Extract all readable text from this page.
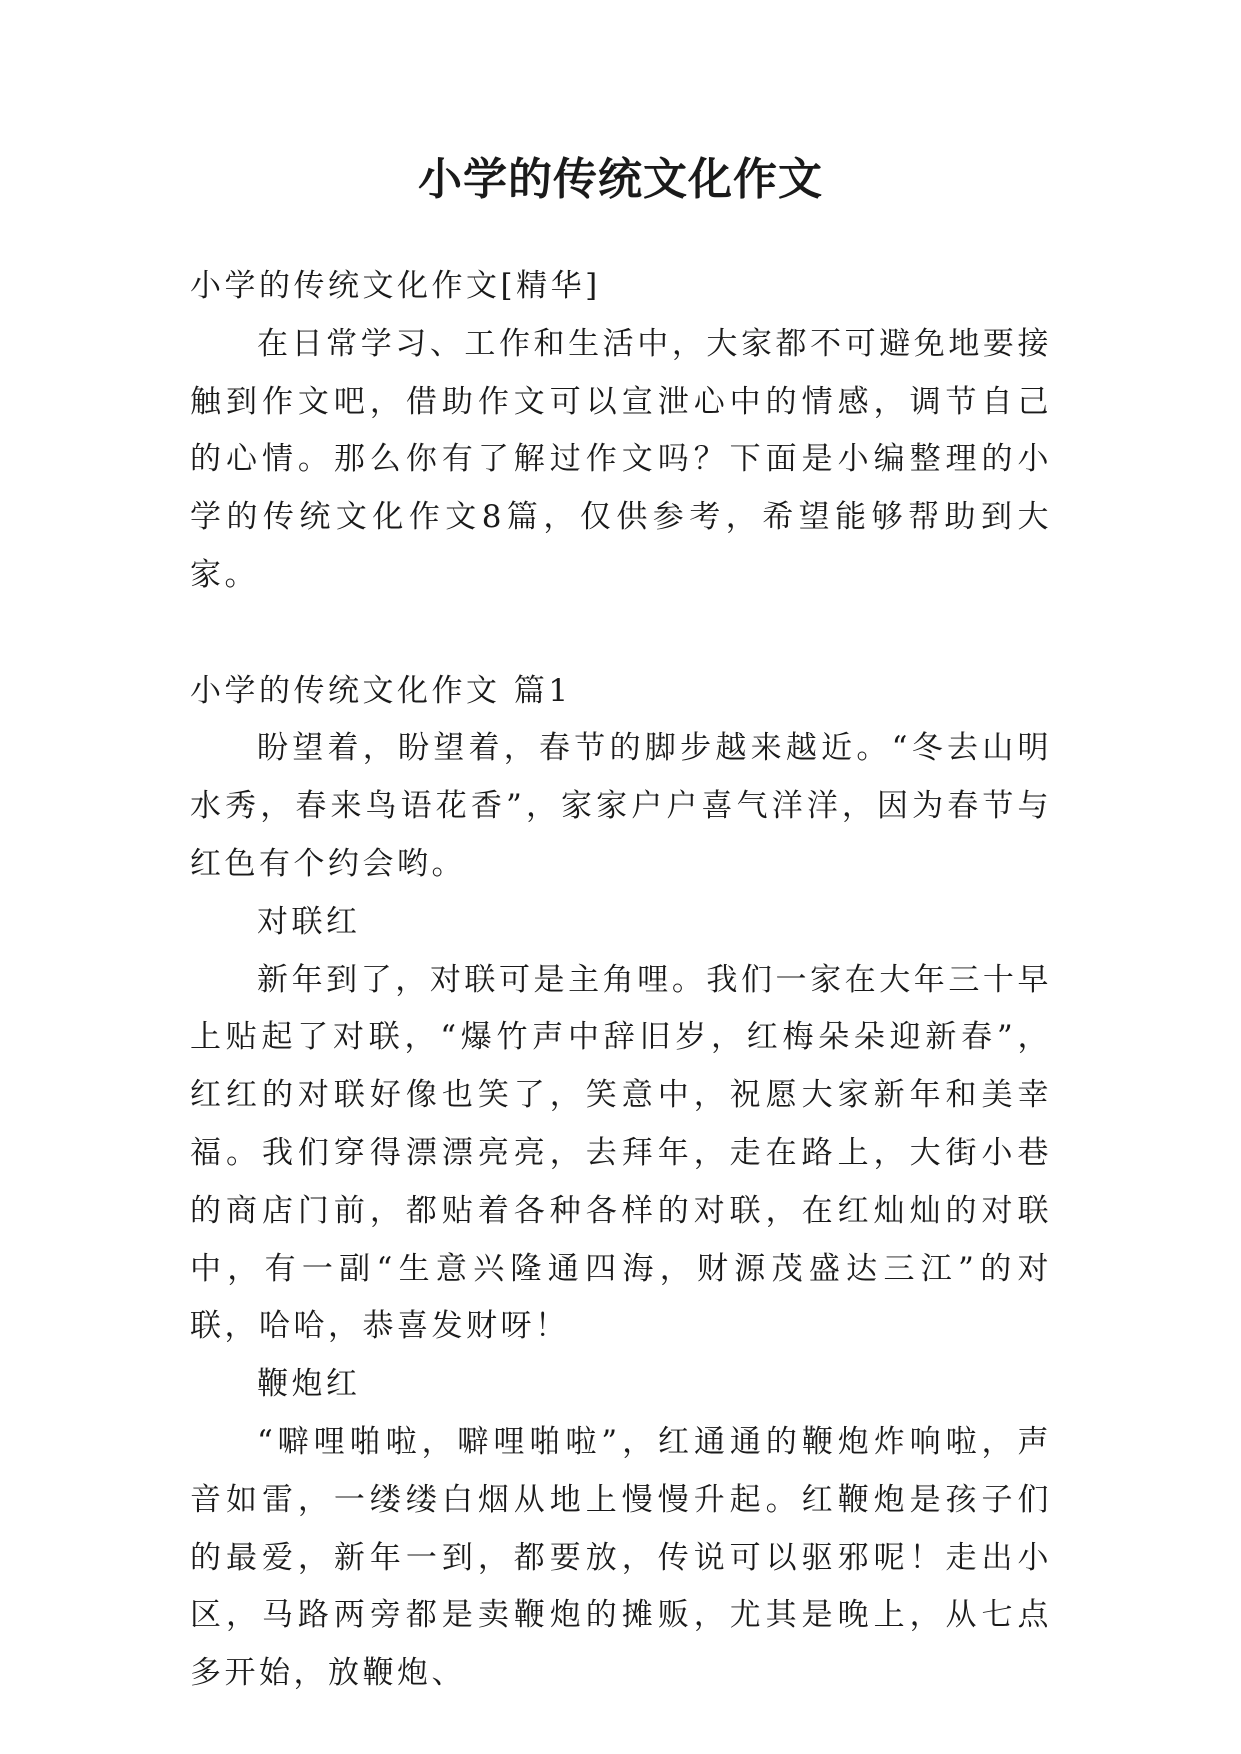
小学的传统文化作文

小学的传统文化作文[精华]

在日常学习、工作和生活中，大家都不可避免地要接触到作文吧，借助作文可以宣泄心中的情感，调节自己的心情。那么你有了解过作文吗？下面是小编整理的小学的传统文化作文8篇，仅供参考，希望能够帮助到大家。

小学的传统文化作文 篇1

盼望着，盼望着，春节的脚步越来越近。“冬去山明水秀，春来鸟语花香”，家家户户喜气洋洋，因为春节与红色有个约会哟。

对联红

新年到了，对联可是主角哩。我们一家在大年三十早上贴起了对联，“爆竹声中辞旧岁，红梅朵朵迎新春”，红红的对联好像也笑了，笑意中，祝愿大家新年和美幸福。我们穿得漂漂亮亮，去拜年，走在路上，大街小巷的商店门前，都贴着各种各样的对联，在红灿灿的对联中，有一副“生意兴隆通四海，财源茂盛达三江”的对联，哈哈，恭喜发财呀！

鞭炮红

“噼哩啪啦，噼哩啪啦”，红通通的鞭炮炸响啦，声音如雷，一缕缕白烟从地上慢慢升起。红鞭炮是孩子们的最爱，新年一到，都要放，传说可以驱邪呢！走出小区，马路两旁都是卖鞭炮的摊贩，尤其是晚上，从七点多开始，放鞭炮、
